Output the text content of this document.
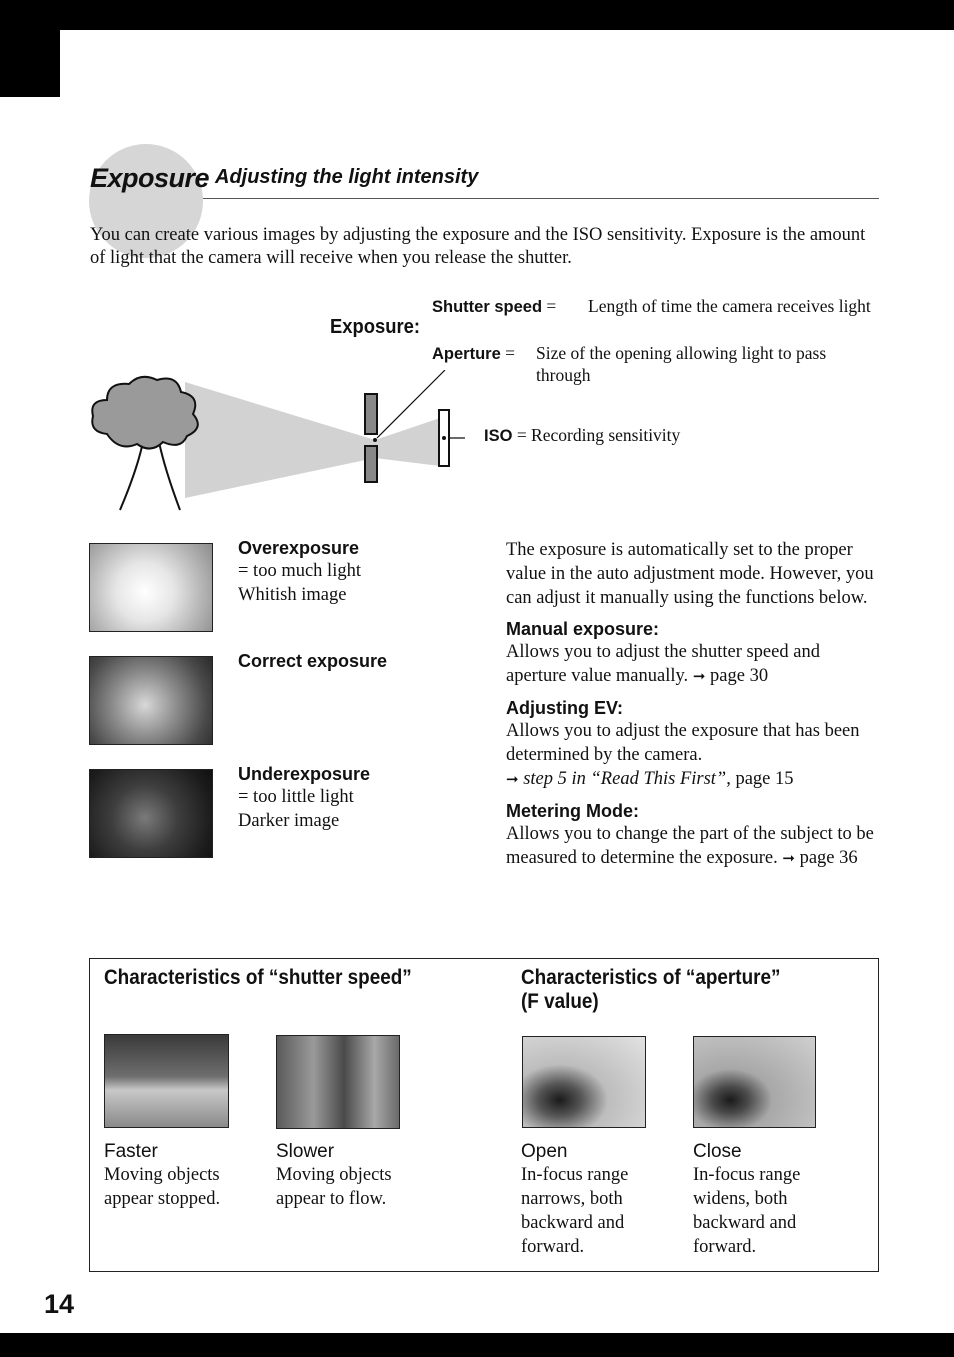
Exposure Adjusting the light intensity
You can create various images by adjusting the exposure and the ISO sensitivity. Exposure is the amount of light that the camera will receive when you release the shutter.
Exposure:
Shutter speed =	Length of time the camera receives light
Aperture = Size of the opening allowing light to pass through
ISO = Recording sensitivity
Overexposure
= too much light
Whitish image
Correct exposure
Underexposure
= too little light
Darker image
The exposure is automatically set to the proper value in the auto adjustment mode. However, you can adjust it manually using the functions below.
Manual exposure:
Allows you to adjust the shutter speed and aperture value manually. ➞ page 30
Adjusting EV:
Allows you to adjust the exposure that has been determined by the camera.
➞ step 5 in “Read This First”, page 15
Metering Mode:
Allows you to change the part of the subject to be measured to determine the exposure. ➞ page 36
Characteristics of “shutter speed”	Characteristics of “aperture”
(F value)
Faster
Moving objects appear stopped.
Slower
Moving objects appear to flow.
Open
In-focus range narrows, both backward and forward.
Close
In-focus range widens, both backward and forward.
14
